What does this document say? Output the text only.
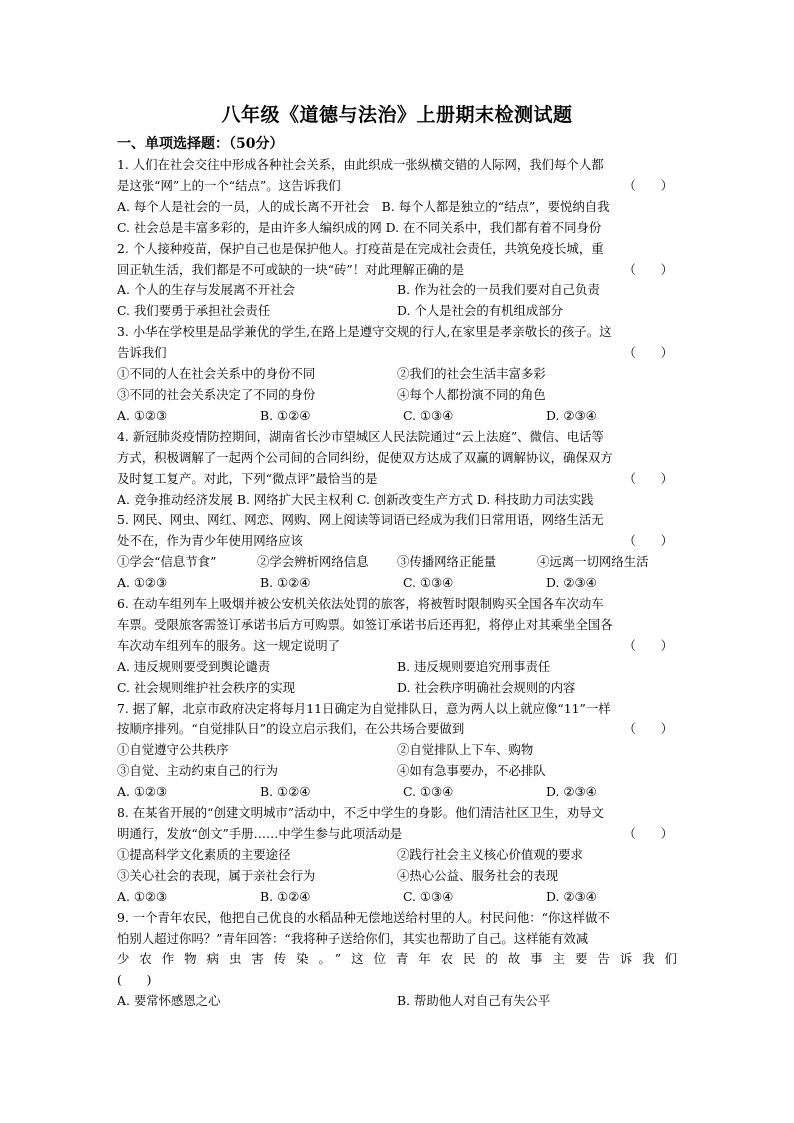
八年级《道德与法治》上册期末检测试题
一、单项选择题：（50分）
1. 人们在社会交往中形成各种社会关系，由此织成一张纵横交错的人际网，我们每个人都
是这张“网”上的一个“结点”。这告诉我们	（　　）
A. 每个人是社会的一员，人的成长离不开社会　B. 每个人都是独立的“结点”，要悦纳自我
C. 社会总是丰富多彩的，是由许多人编织成的网 D. 在不同关系中，我们都有着不同身份
2. 个人接种疫苗，保护自己也是保护他人。打疫苗是在完成社会责任，共筑免疫长城，重
回正轨生活，我们都是不可或缺的一块“砖”！对此理解正确的是	（　　）
A. 个人的生存与发展离不开社会	B. 作为社会的一员我们要对自己负责
C. 我们要勇于承担社会责任	D. 个人是社会的有机组成部分
3. 小华在学校里是品学兼优的学生,在路上是遵守交规的行人,在家里是孝亲敬长的孩子。这
告诉我们	（　　）
①不同的人在社会关系中的身份不同	②我们的社会生活丰富多彩
③不同的社会关系决定了不同的身份	④每个人都扮演不同的角色
A. ①②③	B. ①②④	C. ①③④	D. ②③④
4. 新冠肺炎疫情防控期间，湖南省长沙市望城区人民法院通过“云上法庭”、微信、电话等
方式，积极调解了一起两个公司间的合同纠纷，促使双方达成了双赢的调解协议，确保双方
及时复工复产。对此，下列“微点评”最恰当的是	（　　）
A. 竞争推动经济发展 B. 网络扩大民主权利 C. 创新改变生产方式 D. 科技助力司法实践
5. 网民、网虫、网红、网恋、网购、网上阅读等词语已经成为我们日常用语，网络生活无
处不在，作为青少年使用网络应该	（　　）
①学会“信息节食”	②学会辨析网络信息	③传播网络正能量	④远离一切网络生活
A. ①②③	B. ①②④	C. ①③④	D. ②③④
6. 在动车组列车上吸烟并被公安机关依法处罚的旅客，将被暂时限制购买全国各车次动车
车票。受限旅客需签订承诺书后方可购票。如签订承诺书后还再犯，将停止对其乘坐全国各
车次动车组列车的服务。这一规定说明了	（　　）
A. 违反规则要受到舆论谴责	B. 违反规则要追究刑事责任
C. 社会规则维护社会秩序的实现	D. 社会秩序明确社会规则的内容
7. 据了解，北京市政府决定将每月11日确定为自觉排队日，意为两人以上就应像“11”一样
按顺序排列。“自觉排队日”的设立启示我们，在公共场合要做到	（　　）
①自觉遵守公共秩序	②自觉排队上下车、购物
③自觉、主动约束自己的行为	④如有急事要办，不必排队
A. ①②③	B. ①②④	C. ①③④	D. ②③④
8. 在某省开展的“创建文明城市”活动中，不乏中学生的身影。他们清洁社区卫生，劝导文
明通行，发放“创文”手册……中学生参与此项活动是	（　　）
①提高科学文化素质的主要途径	②践行社会主义核心价值观的要求
③关心社会的表现，属于亲社会行为	④热心公益、服务社会的表现
A. ①②③	B. ①②④	C. ①③④	D. ②③④
9. 一个青年农民，他把自己优良的水稻品种无偿地送给村里的人。村民问他：“你这样做不
怕别人超过你吗？”青年回答：“我将种子送给你们，其实也帮助了自己。这样能有效减
少农作物病虫害传染。”这位青年农民的故事主要告诉我们
(　　)
A. 要常怀感恩之心	B. 帮助他人对自己有失公平
